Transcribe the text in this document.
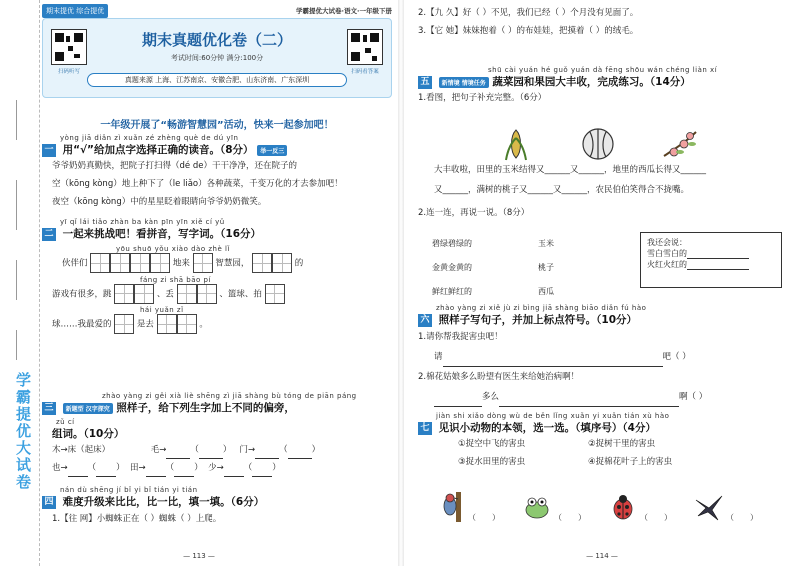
学霸提优大试卷
期末提优 综合提优	学霸提优大试卷·语文·一年级下册
扫码听写	扫码看答案
期末真题优化卷（二）
考试时间:60分钟 满分:100分
真题来源 上海、江苏南京、安徽合肥、山东济南、广东深圳
一年级开展了“畅游智慧园”活动，快来一起参加吧！
yòng jiā diǎn zì xuǎn zé zhèng què de dú yīn
一 用“√”给加点字选择正确的读音。（8分） 举一反三
爷爷奶奶真勤快，把院子打扫得（dé de）干干净净，还在院子的
空（kōng kòng）地上种下了（le liǎo）各种蔬菜，千变万化的才去参加吧！
夜空（kōng kòng）中的星星眨着眼睛向爷爷奶奶微笑。
yī qǐ lái tiǎo zhàn ba kàn pīn yīn xiě cí yǔ
二 一起来挑战吧！看拼音，写字词。（16分）
yōu shuō yǒu xiào dào zhè lǐ
伙伴们	地来	智慧园，	的
fáng zi shā bāo pí
游戏有很多，跳	、丢	、篮球、拍
hái yuǎn zǐ
球……我最爱的	是去	。
zhào yàng zi gěi xià liè shēng zì jiā shàng bù tóng de piān páng
三 新题型 汉字探究 照样子，给下列生字加上不同的偏旁，
zǔ cí
组词。（10分）
木→床（起床）	毛→	（	）   门→	（	）
也→ （ ）  田→ （ ）  少→ （ ）
nán dù shēng jí bǐ yi bǐ tián yi tián
四 难度升级来比比，比一比，填一填。（6分）
1.【往 网】小蜘蛛正在（ ）蜘蛛（ ）上爬。
— 113 —
2.【九 久】好（ ）不见，我们已经（ ）个月没有见面了。
3.【它 她】妹妹抱着（ ）的布娃娃，把摸着（ ）的绒毛。
shū cài yuán hé guǒ yuán dà fēng shōu wán chéng liàn xí
五 新情境 情境任务 蔬菜园和果园大丰收，完成练习。（14分）
1.看图，把句子补充完整。（6分）
大丰收啦，田里的玉米结得又______又______，地里的西瓜长得又______
又______，满树的桃子又______又______，农民伯伯笑得合不拢嘴。
2.连一连，再说一说。（8分）
碧绿碧绿的
金黄金黄的
鲜红鲜红的
玉米
桃子
西瓜
我还会说：
雪白雪白的
火红火红的
zhào yàng zi xiě jù zi bìng jiā shàng biāo diǎn fú hào
六 照样子写句子，并加上标点符号。（10分）
1.请你帮我捉害虫吧！
请	吧（ ）
2.棉花姑娘多么盼望有医生来给她治病啊！
多么	啊（ ）
jiàn shi xiǎo dòng wù de běn lǐng xuǎn yi xuǎn tián xù hào
七 见识小动物的本领，选一选。（填序号）（4分）
①捉空中飞的害虫	②捉树干里的害虫
③捉水田里的害虫	④捉棉花叶子上的害虫
（　　）	（　　）	（　　）	（　　）
— 114 —
